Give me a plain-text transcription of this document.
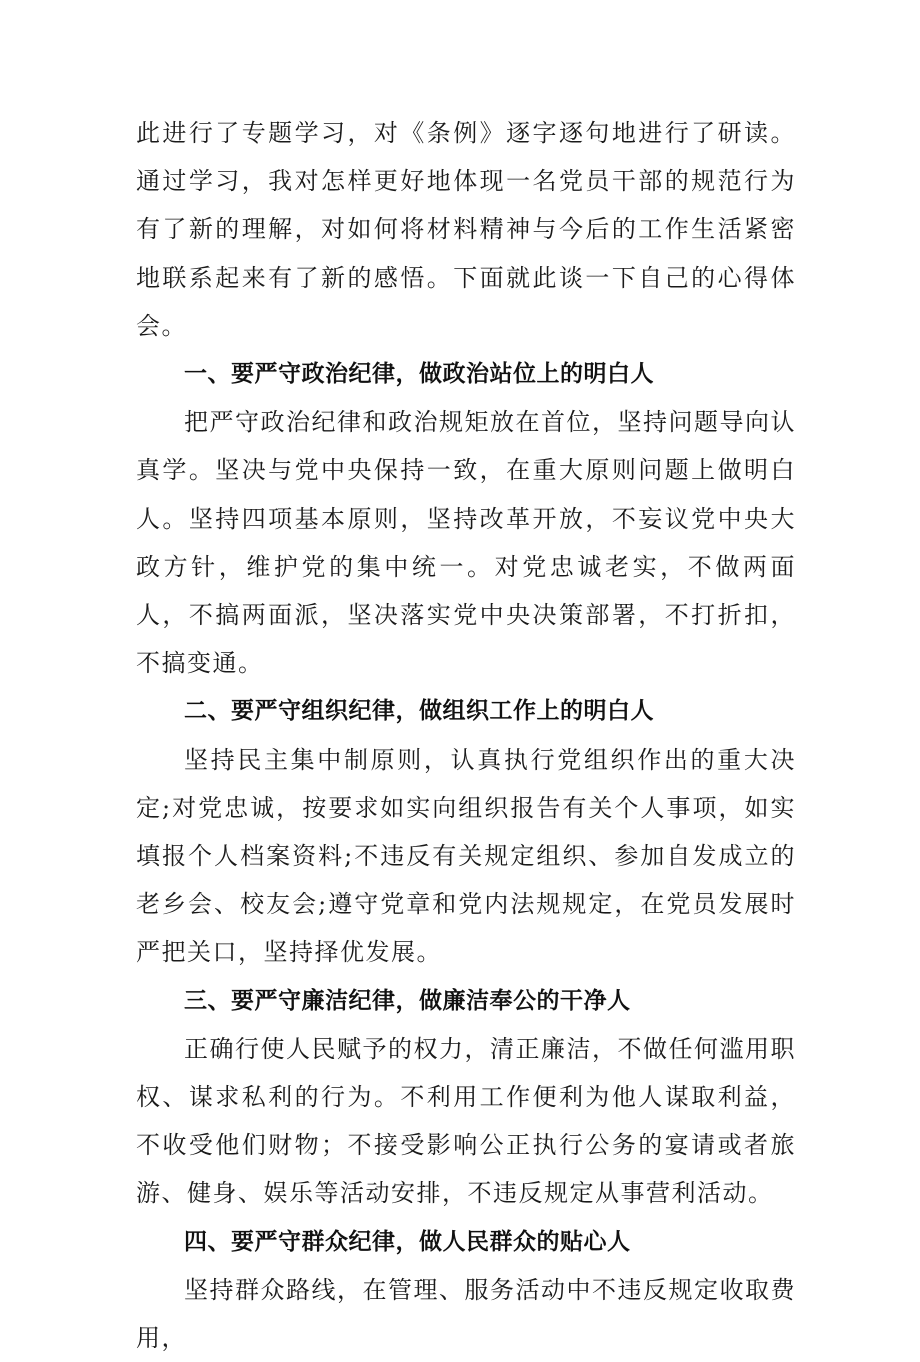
此进行了专题学习，对《条例》逐字逐句地进行了研读。通过学习，我对怎样更好地体现一名党员干部的规范行为有了新的理解，对如何将材料精神与今后的工作生活紧密地联系起来有了新的感悟。下面就此谈一下自己的心得体会。

一、要严守政治纪律，做政治站位上的明白人

把严守政治纪律和政治规矩放在首位，坚持问题导向认真学。坚决与党中央保持一致，在重大原则问题上做明白人。坚持四项基本原则，坚持改革开放，不妄议党中央大政方针，维护党的集中统一。对党忠诚老实，不做两面人，不搞两面派，坚决落实党中央决策部署，不打折扣，不搞变通。

二、要严守组织纪律，做组织工作上的明白人

坚持民主集中制原则，认真执行党组织作出的重大决定;对党忠诚，按要求如实向组织报告有关个人事项，如实填报个人档案资料;不违反有关规定组织、参加自发成立的老乡会、校友会;遵守党章和党内法规规定，在党员发展时严把关口，坚持择优发展。

三、要严守廉洁纪律，做廉洁奉公的干净人

正确行使人民赋予的权力，清正廉洁，不做任何滥用职权、谋求私利的行为。不利用工作便利为他人谋取利益，不收受他们财物；不接受影响公正执行公务的宴请或者旅游、健身、娱乐等活动安排，不违反规定从事营利活动。

四、要严守群众纪律，做人民群众的贴心人

坚持群众路线，在管理、服务活动中不违反规定收取费用，
